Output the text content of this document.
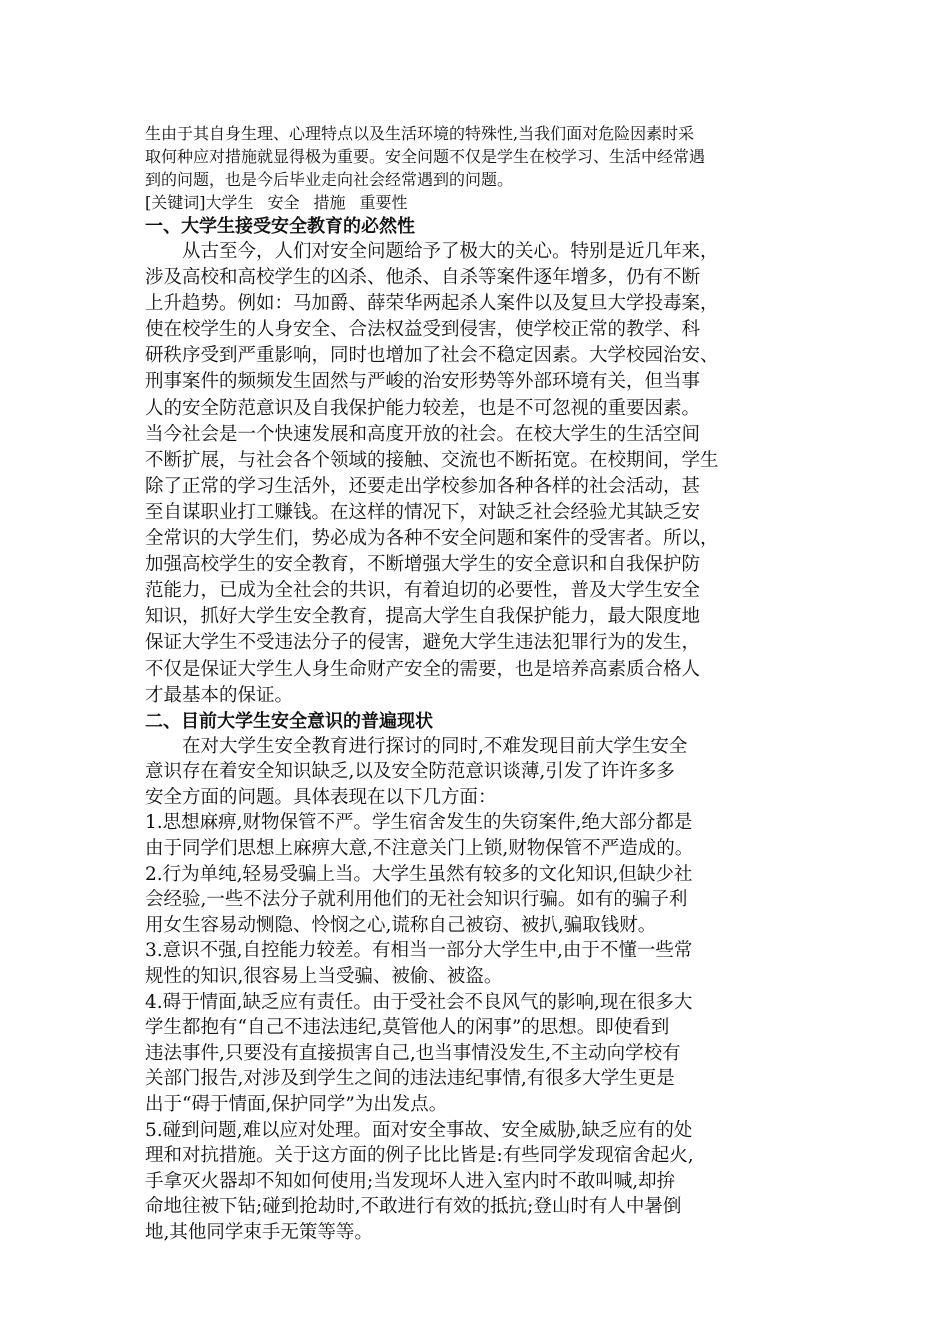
生由于其自身生理、心理特点以及生活环境的特殊性,当我们面对危险因素时采

取何种应对措施就显得极为重要。安全问题不仅是学生在校学习、生活中经常遇

到的问题，也是今后毕业走向社会经常遇到的问题。

[关键词]大学生 安全 措施 重要性

一、大学生接受安全教育的必然性

　　从古至今，人们对安全问题给予了极大的关心。特别是近几年来，

涉及高校和高校学生的凶杀、他杀、自杀等案件逐年增多，仍有不断

上升趋势。例如：马加爵、薛荣华两起杀人案件以及复旦大学投毒案，

使在校学生的人身安全、合法权益受到侵害，使学校正常的教学、科

研秩序受到严重影响，同时也增加了社会不稳定因素。大学校园治安、

刑事案件的频频发生固然与严峻的治安形势等外部环境有关，但当事

人的安全防范意识及自我保护能力较差，也是不可忽视的重要因素。

当今社会是一个快速发展和高度开放的社会。在校大学生的生活空间

不断扩展，与社会各个领域的接触、交流也不断拓宽。在校期间，学生

除了正常的学习生活外，还要走出学校参加各种各样的社会活动，甚

至自谋职业打工赚钱。在这样的情况下，对缺乏社会经验尤其缺乏安

全常识的大学生们，势必成为各种不安全问题和案件的受害者。所以，

加强高校学生的安全教育，不断增强大学生的安全意识和自我保护防

范能力，已成为全社会的共识，有着迫切的必要性，普及大学生安全

知识，抓好大学生安全教育，提高大学生自我保护能力，最大限度地

保证大学生不受违法分子的侵害，避免大学生违法犯罪行为的发生，

不仅是保证大学生人身生命财产安全的需要，也是培养高素质合格人

才最基本的保证。

二、目前大学生安全意识的普遍现状

　　在对大学生安全教育进行探讨的同时,不难发现目前大学生安全

意识存在着安全知识缺乏,以及安全防范意识谈薄,引发了许许多多

安全方面的问题。具体表现在以下几方面：

1.思想麻痹,财物保管不严。学生宿舍发生的失窃案件,绝大部分都是

由于同学们思想上麻痹大意,不注意关门上锁,财物保管不严造成的。

2.行为单纯,轻易受骗上当。大学生虽然有较多的文化知识,但缺少社

会经验,一些不法分子就利用他们的无社会知识行骗。如有的骗子利

用女生容易动恻隐、怜悯之心,谎称自己被窃、被扒,骗取钱财。

3.意识不强,自控能力较差。有相当一部分大学生中,由于不懂一些常

规性的知识,很容易上当受骗、被偷、被盗。

4.碍于情面,缺乏应有责任。由于受社会不良风气的影响,现在很多大

学生都抱有“自己不违法违纪,莫管他人的闲事”的思想。即使看到

违法事件,只要没有直接损害自己,也当事情没发生,不主动向学校有

关部门报告,对涉及到学生之间的违法违纪事情,有很多大学生更是

出于“碍于情面,保护同学”为出发点。

5.碰到问题,难以应对处理。面对安全事故、安全威胁,缺乏应有的处

理和对抗措施。关于这方面的例子比比皆是:有些同学发现宿舍起火,

手拿灭火器却不知如何使用;当发现坏人进入室内时不敢叫喊,却拚

命地往被下钻;碰到抢劫时,不敢进行有效的抵抗;登山时有人中暑倒

地,其他同学束手无策等等。
